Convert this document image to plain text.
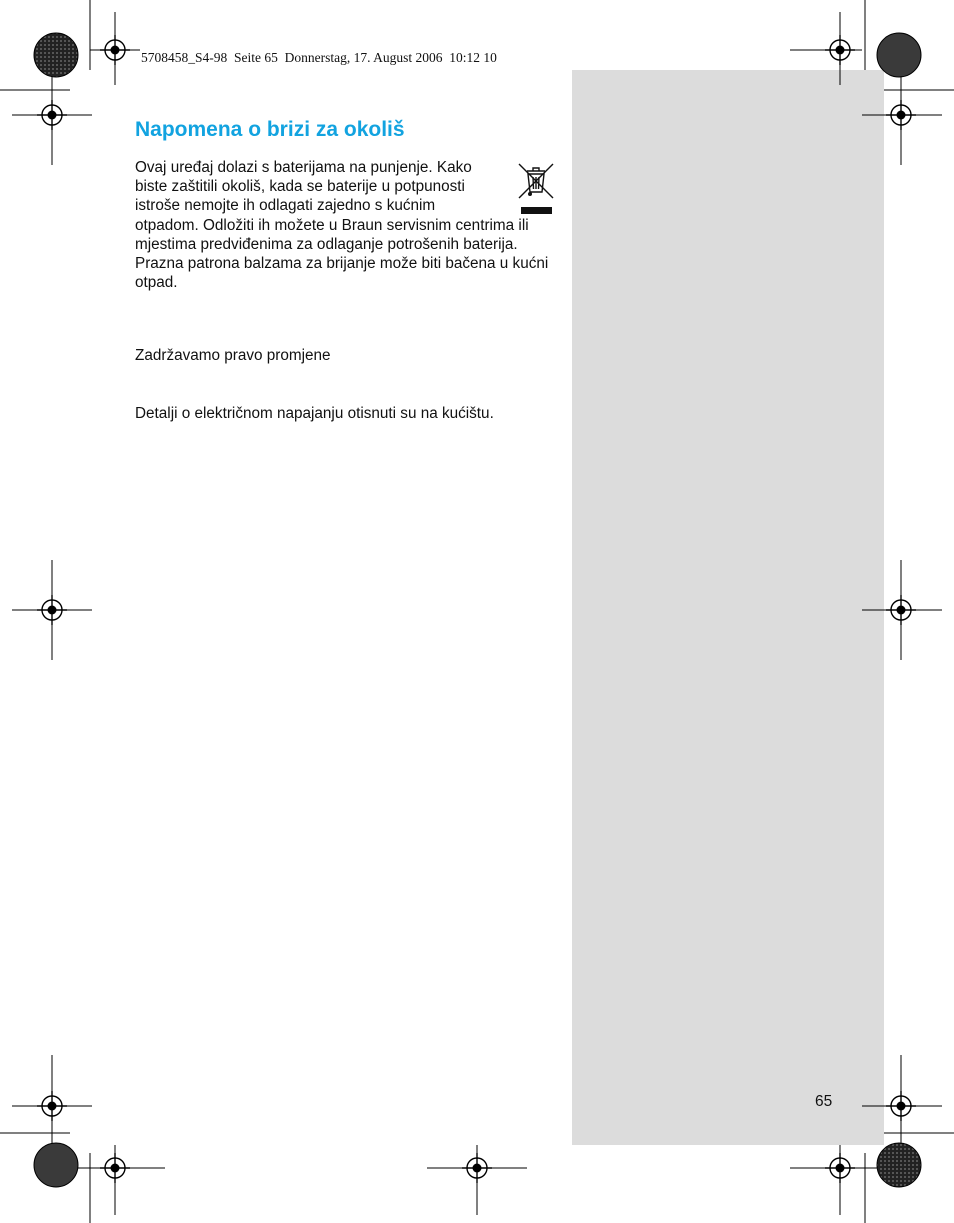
5708458_S4-98  Seite 65  Donnerstag, 17. August 2006  10:12 10
Napomena o brizi za okoliš

Ovaj uređaj dolazi s baterijama na punjenje. Kako biste zaštitili okoliš, kada se baterije u potpunosti istroše nemojte ih odlagati zajedno s kućnim

otpadom. Odložiti ih možete u Braun servisnim centrima ili mjestima predviđenima za odlaganje potrošenih baterija.

Prazna patrona balzama za brijanje može biti bačena u kućni otpad.

Zadržavamo pravo promjene

Detalji o električnom napajanju otisnuti su na kućištu.

65
